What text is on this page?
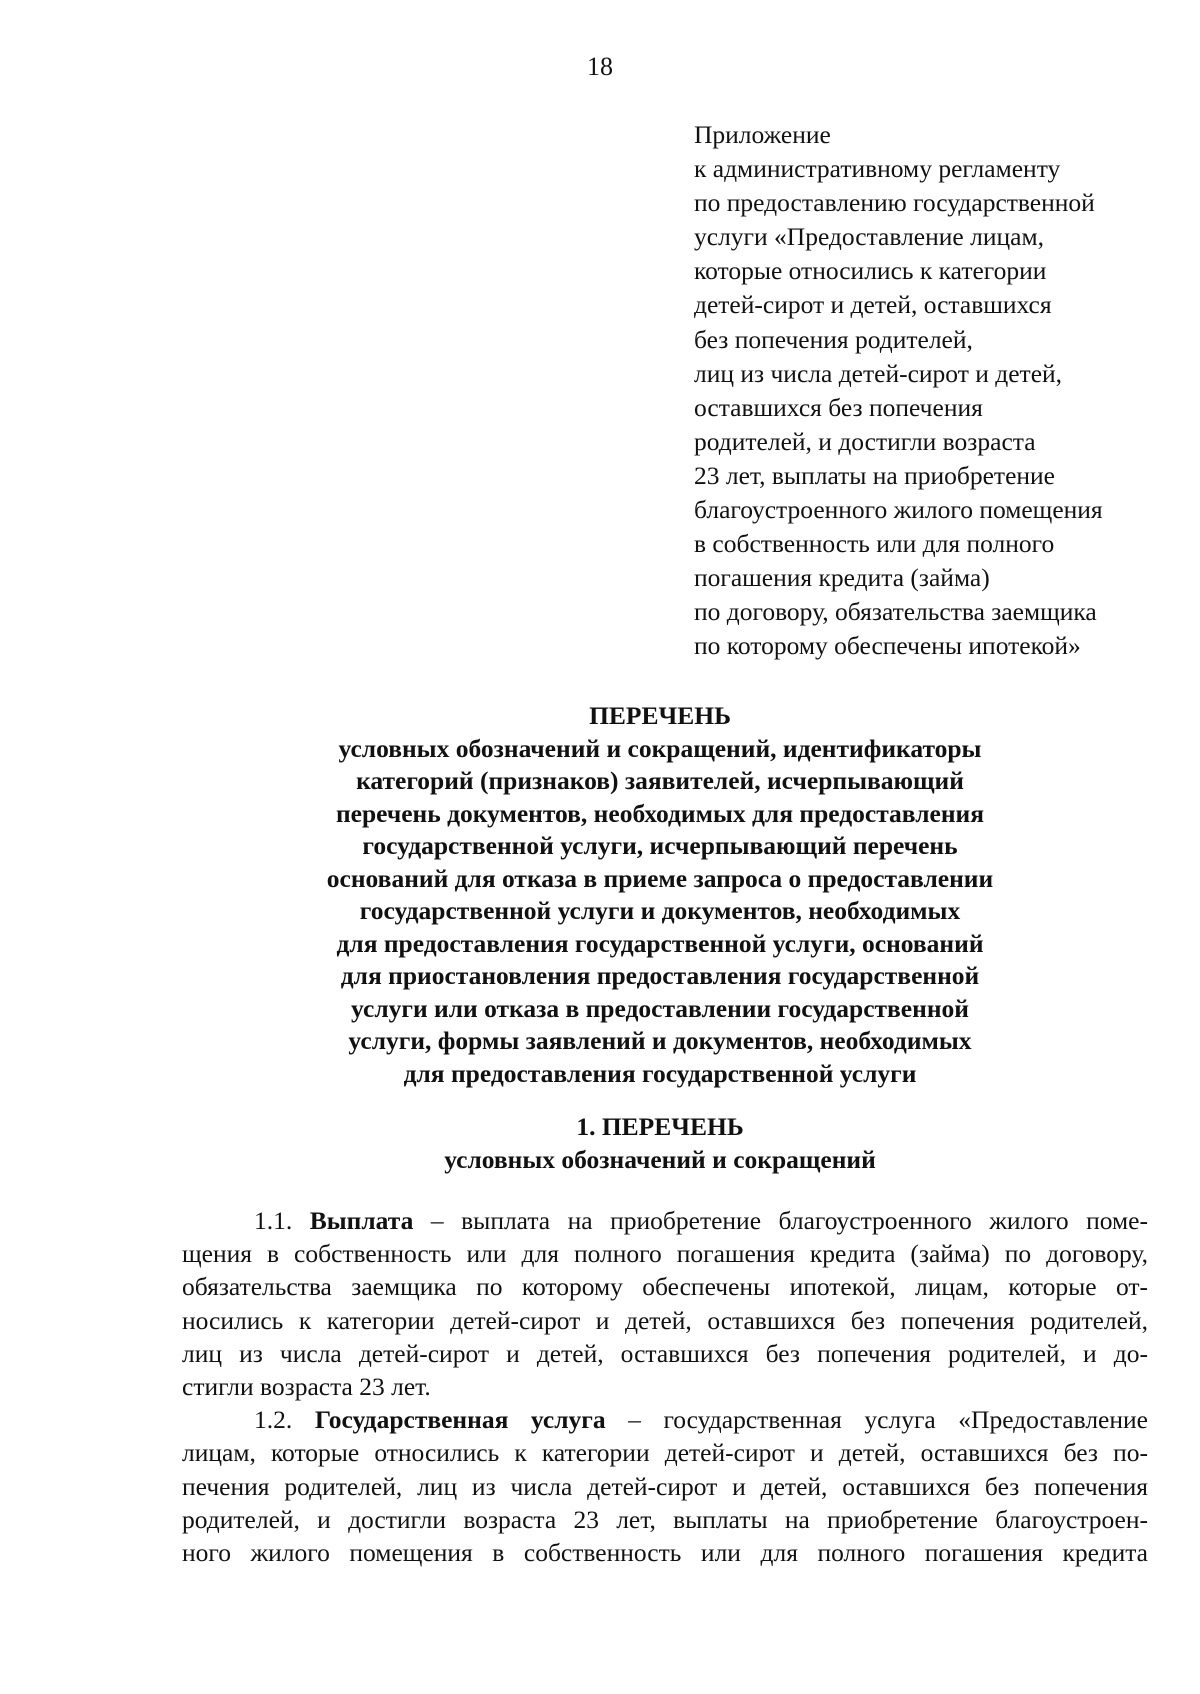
18
Приложение
к административному регламенту
по предоставлению государственной
услуги «Предоставление лицам,
которые относились к категории
детей-сирот и детей, оставшихся
без попечения родителей,
лиц из числа детей-сирот и детей,
оставшихся без попечения
родителей, и достигли возраста
23 лет, выплаты на приобретение
благоустроенного жилого помещения
в собственность или для полного
погашения кредита (займа)
по договору, обязательства заемщика
по которому обеспечены ипотекой»
ПЕРЕЧЕНЬ
условных обозначений и сокращений, идентификаторы
категорий (признаков) заявителей, исчерпывающий
перечень документов, необходимых для предоставления
государственной услуги, исчерпывающий перечень
оснований для отказа в приеме запроса о предоставлении
государственной услуги и документов, необходимых
для предоставления государственной услуги, оснований
для приостановления предоставления государственной
услуги или отказа в предоставлении государственной
услуги, формы заявлений и документов, необходимых
для предоставления государственной услуги
1. ПЕРЕЧЕНЬ
условных обозначений и сокращений
1.1. Выплата – выплата на приобретение благоустроенного жилого поме-
щения в собственность или для полного погашения кредита (займа) по договору,
обязательства заемщика по которому обеспечены ипотекой, лицам, которые от-
носились к категории детей-сирот и детей, оставшихся без попечения родителей,
лиц из числа детей-сирот и детей, оставшихся без попечения родителей, и до-
стигли возраста 23 лет.
1.2. Государственная услуга – государственная услуга «Предоставление
лицам, которые относились к категории детей-сирот и детей, оставшихся без по-
печения родителей, лиц из числа детей-сирот и детей, оставшихся без попечения
родителей, и достигли возраста 23 лет, выплаты на приобретение благоустроен-
ного жилого помещения в собственность или для полного погашения кредита
